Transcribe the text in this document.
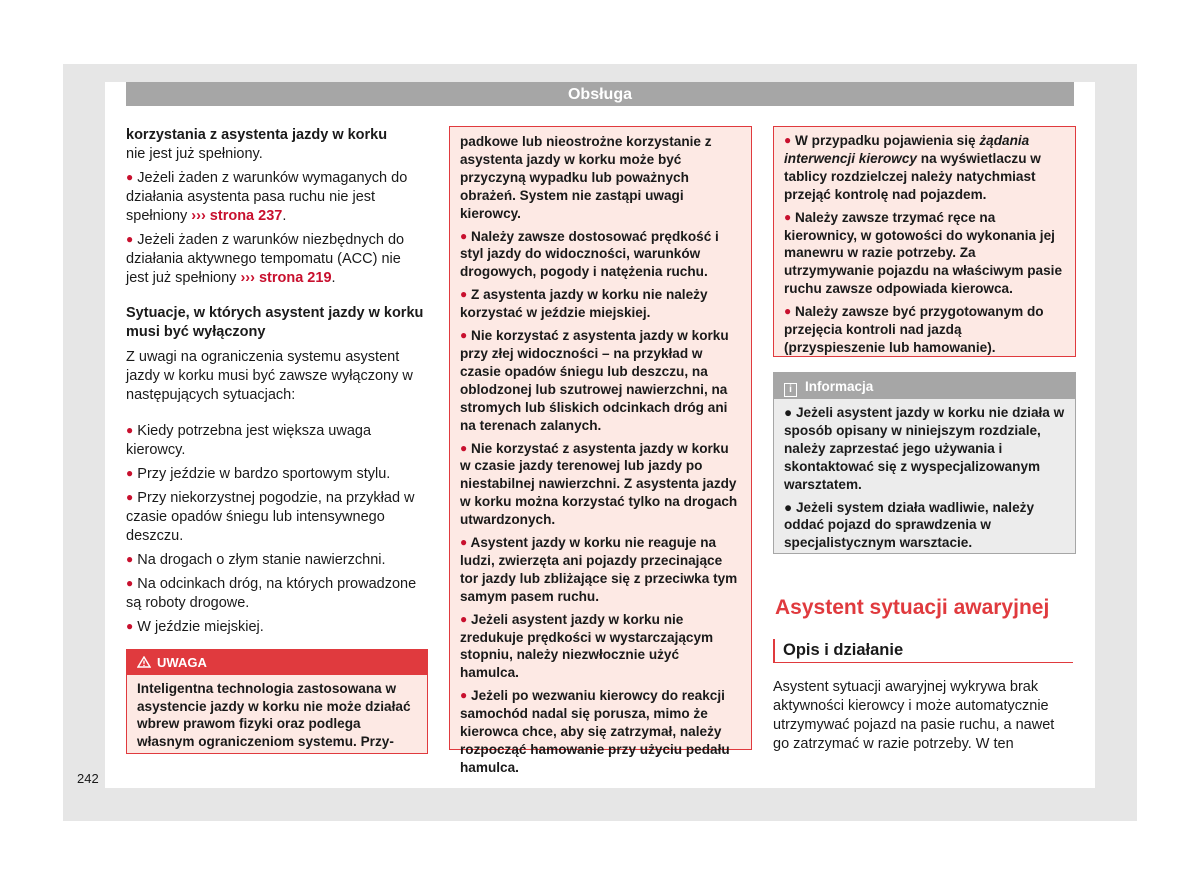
Obsługa

korzystania z asystenta jazdy w korku
nie jest już spełniony.

● Jeżeli żaden z warunków wymaganych do działania asystenta pasa ruchu nie jest spełniony ››› strona 237.

● Jeżeli żaden z warunków niezbędnych do działania aktywnego tempomatu (ACC) nie jest już spełniony ››› strona 219.

Sytuacje, w których asystent jazdy w korku musi być wyłączony

Z uwagi na ograniczenia systemu asystent jazdy w korku musi być zawsze wyłączony w następujących sytuacjach:

● Kiedy potrzebna jest większa uwaga kierowcy.

● Przy jeździe w bardzo sportowym stylu.

● Przy niekorzystnej pogodzie, na przykład w czasie opadów śniegu lub intensywnego deszczu.

● Na drogach o złym stanie nawierzchni.

● Na odcinkach dróg, na których prowadzone są roboty drogowe.

● W jeździe miejskiej.

UWAGA
Inteligentna technologia zastosowana w asystencie jazdy w korku nie może działać wbrew prawom fizyki oraz podlega własnym ograniczeniom systemu. Przy-

padkowe lub nieostrożne korzystanie z asystenta jazdy w korku może być przyczyną wypadku lub poważnych obrażeń. System nie zastąpi uwagi kierowcy.

● Należy zawsze dostosować prędkość i styl jazdy do widoczności, warunków drogowych, pogody i natężenia ruchu.

● Z asystenta jazdy w korku nie należy korzystać w jeździe miejskiej.

● Nie korzystać z asystenta jazdy w korku przy złej widoczności – na przykład w czasie opadów śniegu lub deszczu, na oblodzonej lub szutrowej nawierzchni, na stromych lub śliskich odcinkach dróg ani na terenach zalanych.

● Nie korzystać z asystenta jazdy w korku w czasie jazdy terenowej lub jazdy po niestabilnej nawierzchni. Z asystenta jazdy w korku można korzystać tylko na drogach utwardzonych.

● Asystent jazdy w korku nie reaguje na ludzi, zwierzęta ani pojazdy przecinające tor jazdy lub zbliżające się z przeciwka tym samym pasem ruchu.

● Jeżeli asystent jazdy w korku nie zredukuje prędkości w wystarczającym stopniu, należy niezwłocznie użyć hamulca.

● Jeżeli po wezwaniu kierowcy do reakcji samochód nadal się porusza, mimo że kierowca chce, aby się zatrzymał, należy rozpocząć hamowanie przy użyciu pedału hamulca.

● W przypadku pojawienia się żądania interwencji kierowcy na wyświetlaczu w tablicy rozdzielczej należy natychmiast przejąć kontrolę nad pojazdem.

● Należy zawsze trzymać ręce na kierownicy, w gotowości do wykonania jej manewru w razie potrzeby. Za utrzymywanie pojazdu na właściwym pasie ruchu zawsze odpowiada kierowca.

● Należy zawsze być przygotowanym do przejęcia kontroli nad jazdą (przyspieszenie lub hamowanie).

i Informacja

● Jeżeli asystent jazdy w korku nie działa w sposób opisany w niniejszym rozdziale, należy zaprzestać jego używania i skontaktować się z wyspecjalizowanym warsztatem.

● Jeżeli system działa wadliwie, należy oddać pojazd do sprawdzenia w specjalistycznym warsztacie.

Asystent sytuacji awaryjnej
Opis i działanie
Asystent sytuacji awaryjnej wykrywa brak aktywności kierowcy i może automatycznie utrzymywać pojazd na pasie ruchu, a nawet go zatrzymać w razie potrzeby. W ten
242
